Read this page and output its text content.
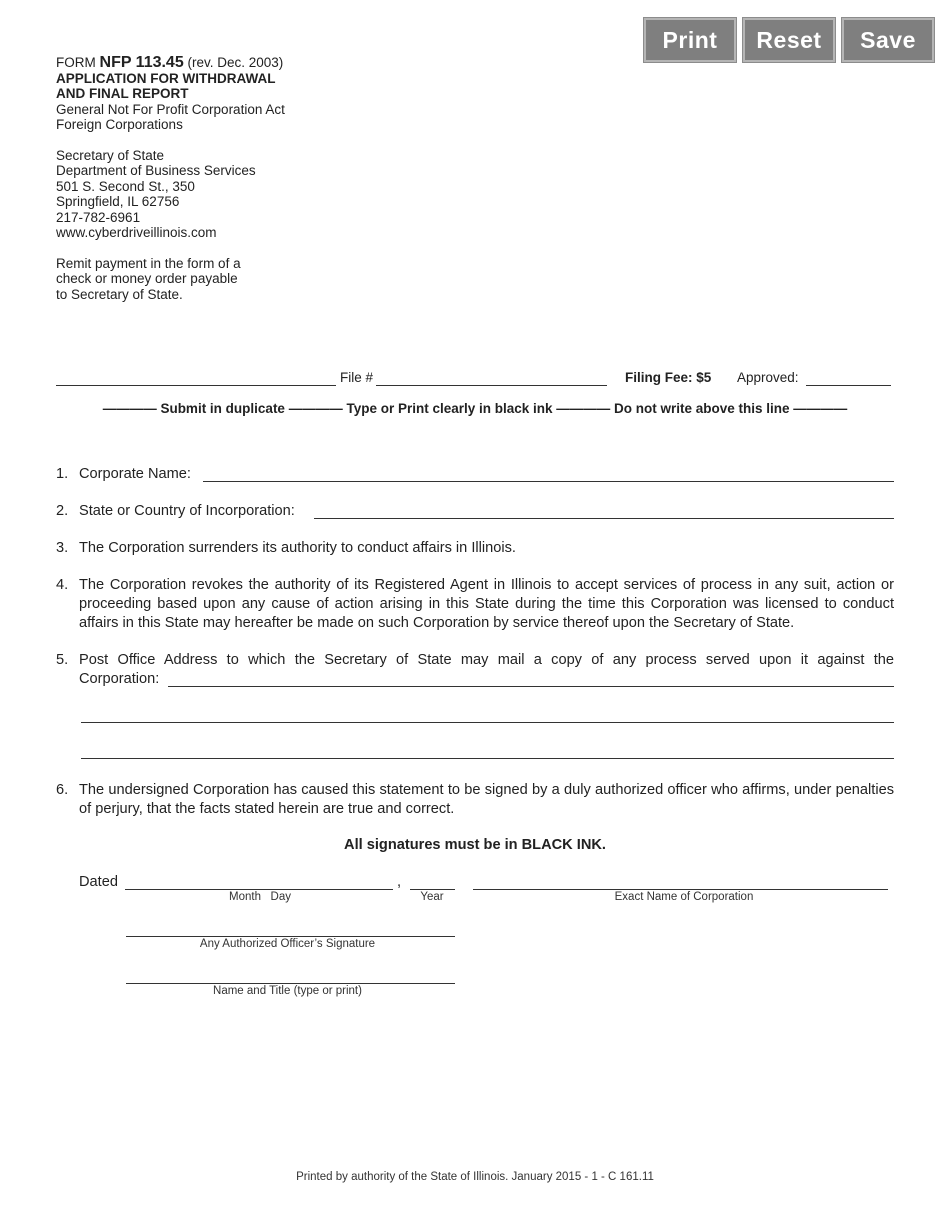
Print	Reset	Save
FORM NFP 113.45 (rev. Dec. 2003)
APPLICATION FOR WITHDRAWAL
AND FINAL REPORT
General Not For Profit Corporation Act
Foreign Corporations
Secretary of State
Department of Business Services
501 S. Second St., 350
Springfield, IL 62756
217-782-6961
www.cyberdriveillinois.com
Remit payment in the form of a
check or money order payable
to Secretary of State.
File #	Filing Fee: $5 Approved:
———— Submit in duplicate ———— Type or Print clearly in black ink ———— Do not write above this line ————
1. Corporate Name:
2. State or Country of Incorporation:
3. The Corporation surrenders its authority to conduct affairs in Illinois.
4. The Corporation revokes the authority of its Registered Agent in Illinois to accept services of process in any suit, action or proceeding based upon any cause of action arising in this State during the time this Corporation was licensed to conduct affairs in this State may hereafter be made on such Corporation by service thereof upon the Secretary of State.
5. Post Office Address to which the Secretary of State may mail a copy of any process served upon it against the
Corporation:
6. The undersigned Corporation has caused this statement to be signed by a duly authorized officer who affirms, under penalties of perjury, that the facts stated herein are true and correct.
All signatures must be in BLACK INK.
Dated	,
Month   Day	Year	Exact Name of Corporation
Any Authorized Officer’s Signature
Name and Title (type or print)
Printed by authority of the State of Illinois. January 2015 - 1 - C 161.11
